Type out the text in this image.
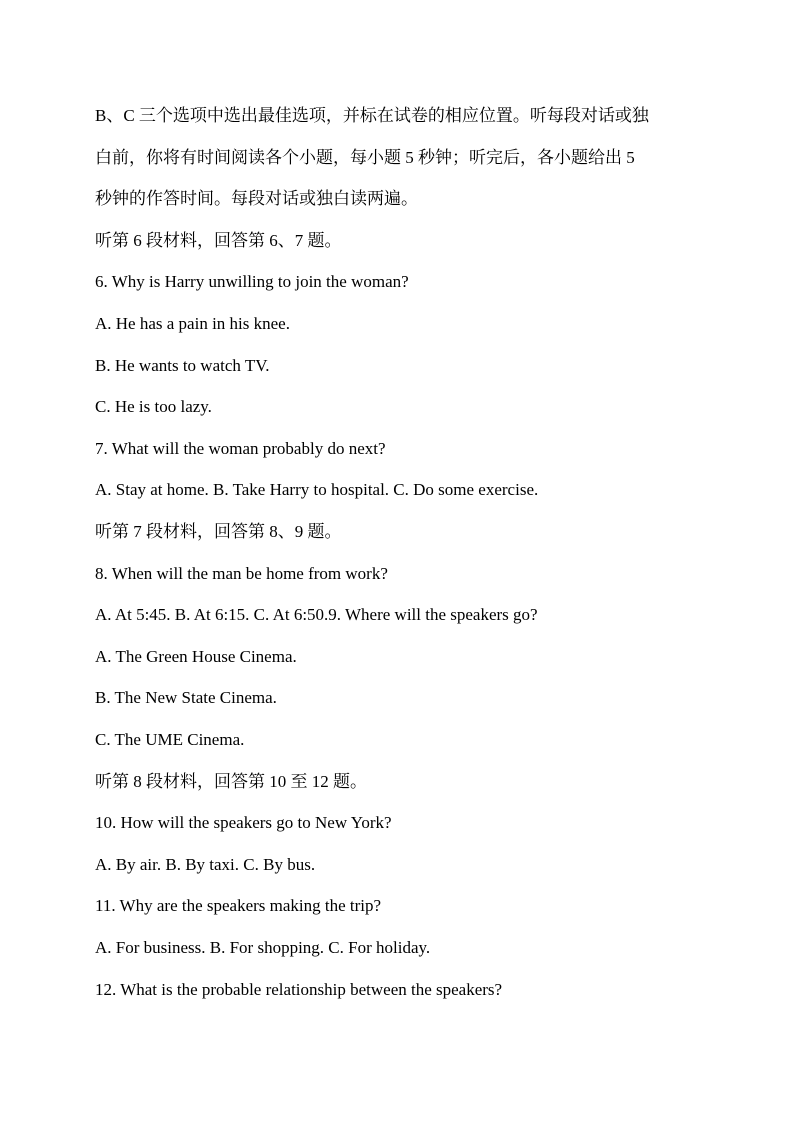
B、C 三个选项中选出最佳选项，并标在试卷的相应位置。听每段对话或独
白前，你将有时间阅读各个小题，每小题 5 秒钟；听完后，各小题给出 5
秒钟的作答时间。每段对话或独白读两遍。
听第 6 段材料，回答第 6、7 题。
6. Why is Harry unwilling to join the woman?
A. He has a pain in his knee.
B. He wants to watch TV.
C. He is too lazy.
7. What will the woman probably do next?
A. Stay at home. B. Take Harry to hospital. C. Do some exercise.
听第 7 段材料，回答第 8、9 题。
8. When will the man be home from work?
A. At 5:45. B. At 6:15. C. At 6:50.9. Where will the speakers go?
A. The Green House Cinema.
B. The New State Cinema.
C. The UME Cinema.
听第 8 段材料，回答第 10 至 12 题。
10. How will the speakers go to New York?
A. By air. B. By taxi. C. By bus.
11. Why are the speakers making the trip?
A. For business. B. For shopping. C. For holiday.
12. What is the probable relationship between the speakers?
